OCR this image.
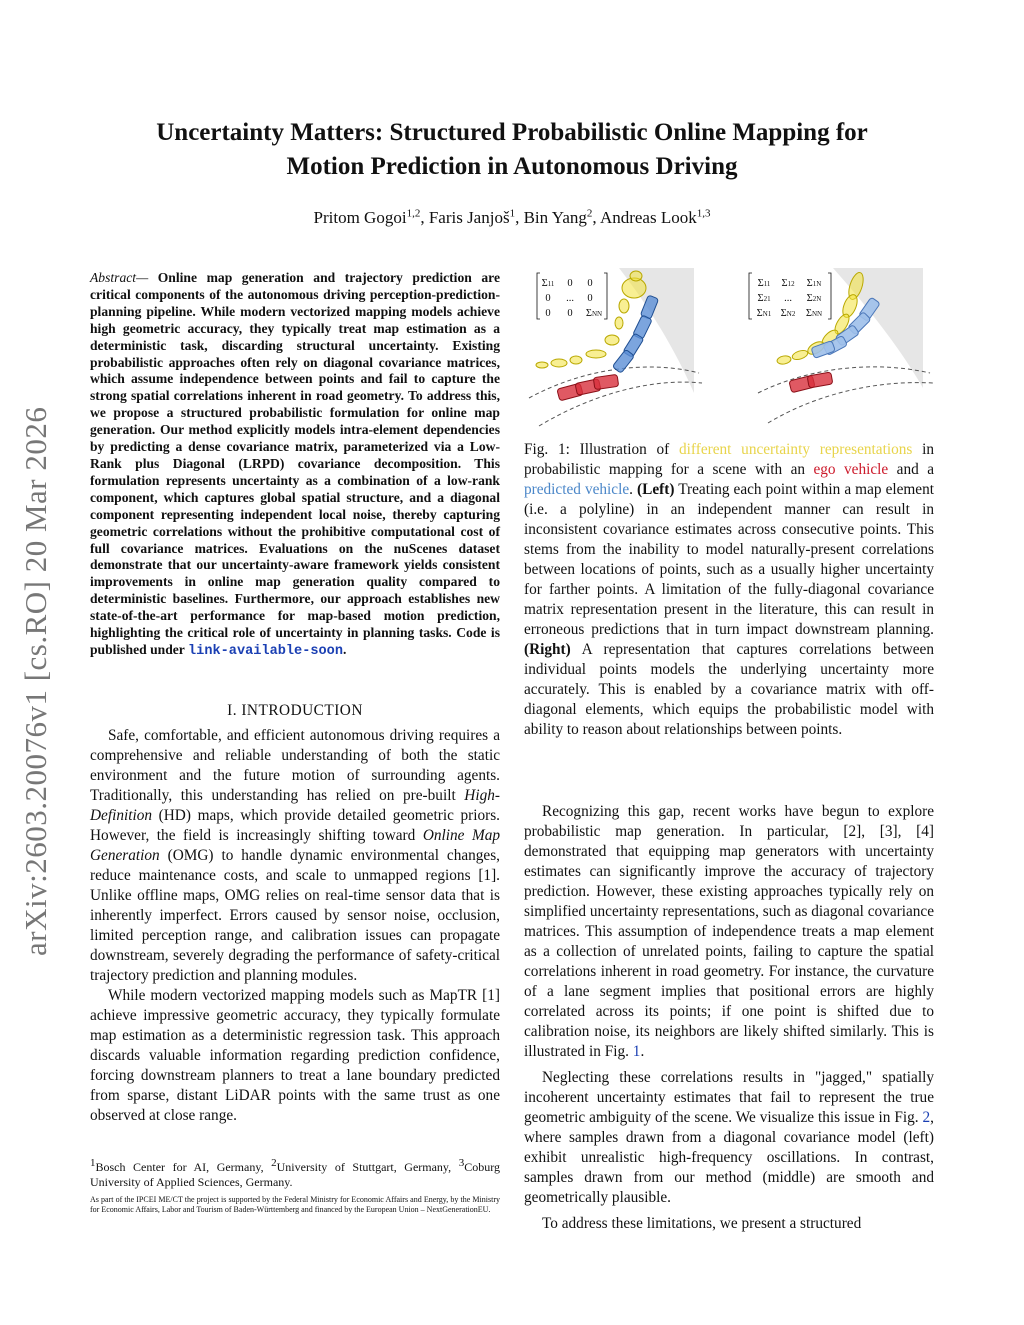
Uncertainty Matters: Structured Probabilistic Online Mapping for
Motion Prediction in Autonomous Driving
Pritom Gogoi$^{1,2}$, Faris Janjoš$^1$, Bin Yang$^2$, Andreas Look$^{1,3}$
arXiv:2603.20076v1 [cs.RO] 20 Mar 2026

Abstract— Online map generation and trajectory prediction are critical components of the autonomous driving perception-prediction-planning pipeline. While modern vectorized mapping models achieve high geometric accuracy, they typically treat map estimation as a deterministic task, discarding structural uncertainty. Existing probabilistic approaches often rely on diagonal covariance matrices, which assume independence between points and fail to capture the strong spatial correlations inherent in road geometry. To address this, we propose a structured probabilistic formulation for online map generation. Our method explicitly models intra-element dependencies by predicting a dense covariance matrix, parameterized via a Low-Rank plus Diagonal (LRPD) covariance decomposition. This formulation represents uncertainty as a combination of a low-rank component, which captures global spatial structure, and a diagonal component representing independent local noise, thereby capturing geometric correlations without the prohibitive computational cost of full covariance matrices. Evaluations on the nuScenes dataset demonstrate that our uncertainty-aware framework yields consistent improvements in online map generation quality compared to deterministic baselines. Furthermore, our approach establishes new state-of-the-art performance for map-based motion prediction, highlighting the critical role of uncertainty in planning tasks. Code is published under link-available-soon.

I. INTRODUCTION

Safe, comfortable, and efficient autonomous driving requires a comprehensive and reliable understanding of both the static environment and the future motion of surrounding agents. Traditionally, this understanding has relied on pre-built High-Definition (HD) maps, which provide detailed geometric priors. However, the field is increasingly shifting toward Online Map Generation (OMG) to handle dynamic environmental changes, reduce maintenance costs, and scale to unmapped regions [1]. Unlike offline maps, OMG relies on real-time sensor data that is inherently imperfect. Errors caused by sensor noise, occlusion, limited perception range, and calibration issues can propagate downstream, severely degrading the performance of safety-critical trajectory prediction and planning modules.

While modern vectorized mapping models such as MapTR [1] achieve impressive geometric accuracy, they typically formulate map estimation as a deterministic regression task. This approach discards valuable information regarding prediction confidence, forcing downstream planners to treat a lane boundary predicted from sparse, distant LiDAR points with the same trust as one observed at close range.

$^1$Bosch Center for AI, Germany, $^2$University of Stuttgart, Germany, $^3$Coburg University of Applied Sciences, Germany.
As part of the IPCEI ME/CT the project is supported by the Federal Ministry for Economic Affairs and Energy, by the Ministry for Economic Affairs, Labor and Tourism of Baden-Württemberg and financed by the European Union – NextGenerationEU.
Σ11 0 0
0 ... 0
0 0 ΣNN
Σ11 Σ12 Σ1N
Σ21 ... Σ2N
ΣN1 ΣN2 ΣNN

Fig. 1: Illustration of different uncertainty representations in probabilistic mapping for a scene with an ego vehicle and a predicted vehicle. (Left) Treating each point within a map element (i.e. a polyline) in an independent manner can result in inconsistent covariance estimates across consecutive points. This stems from the inability to model naturally-present correlations between locations of points, such as a usually higher uncertainty for farther points. A limitation of the fully-diagonal covariance matrix representation present in the literature, this can result in erroneous predictions that in turn impact downstream planning. (Right) A representation that captures correlations between individual points models the underlying uncertainty more accurately. This is enabled by a covariance matrix with off-diagonal elements, which equips the probabilistic model with ability to reason about relationships between points.

Recognizing this gap, recent works have begun to explore probabilistic map generation. In particular, [2], [3], [4] demonstrated that equipping map generators with uncertainty estimates can significantly improve the accuracy of trajectory prediction. However, these existing approaches typically rely on simplified uncertainty representations, such as diagonal covariance matrices. This assumption of independence treats a map element as a collection of unrelated points, failing to capture the spatial correlations inherent in road geometry. For instance, the curvature of a lane segment implies that positional errors are highly correlated across its points; if one point is shifted due to calibration noise, its neighbors are likely shifted similarly. This is illustrated in Fig. 1.

Neglecting these correlations results in "jagged," spatially incoherent uncertainty estimates that fail to represent the true geometric ambiguity of the scene. We visualize this issue in Fig. 2, where samples drawn from a diagonal covariance model (left) exhibit unrealistic high-frequency oscillations. In contrast, samples drawn from our method (middle) are smooth and geometrically plausible.

To address these limitations, we present a structured
